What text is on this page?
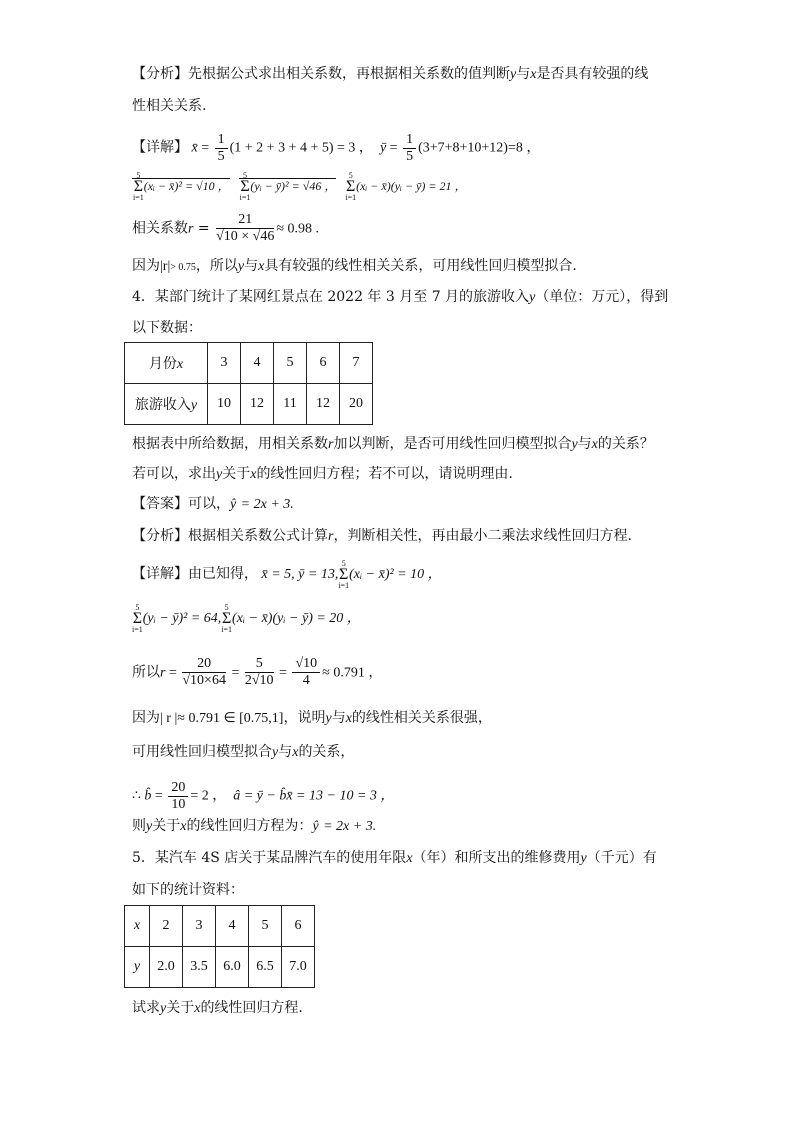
【分析】先根据公式求出相关系数，再根据相关系数的值判断y与x是否具有较强的线
性相关关系.
【详解】 x̄ = $\frac{1}{5} (1 + 2 + 3 + 4 + 5) = 3$ ， ȳ = $\frac{1}{5} (3+7+8+10+12)=8$ ，
5
Σ
i=1(xᵢ − x̄)² = √10 ，   5
Σ
i=1(yᵢ − ȳ)² = √46 ，   5
Σ
i=1(xᵢ − x̄)(yᵢ − ȳ) = 21 ，
相关系数$r = \frac{21}{√10 \times √46} \approx 0.98$ .
因为|r|> 0.75，所以y与x具有较强的线性相关关系，可用线性回归模型拟合.
4．某部门统计了某网红景点在 2022 年 3 月至 7 月的旅游收入y（单位：万元），得到
以下数据：
月份x	3	4	5	6	7
旅游收入y	10	12	11	12	20
根据表中所给数据，用相关系数r加以判断，是否可用线性回归模型拟合y与x的关系？
若可以，求出y关于x的线性回归方程；若不可以，请说明理由.
【答案】可以，ŷ = 2x + 3.
【分析】根据相关系数公式计算r，判断相关性，再由最小二乘法求线性回归方程.
【详解】由已知得， x̄ = 5, ȳ = 13,5
Σ
i=1(xᵢ − x̄)² = 10 ，
5
Σ
i=1(yᵢ − ȳ)² = 64,5
Σ
i=1(xᵢ − x̄)(yᵢ − ȳ) = 20 ，
所以$r = \frac{20}{√10\times 64} = \frac{5}{2√10} = \frac{√10}{4} \approx 0.791$ ，
因为| r |≈ 0.791 ∈ [0.75,1]，说明y与x的线性相关关系很强，
可用线性回归模型拟合y与x的关系，
∴ b̂ = $\frac{20}{10} = 2$ ， â = ȳ − b̂x̄ = 13 − 10 = 3 ，
则y关于x的线性回归方程为：ŷ = 2x + 3.
5．某汽车 4S 店关于某品牌汽车的使用年限x（年）和所支出的维修费用y（千元）有
如下的统计资料：
x	2	3	4	5	6
y	2.0	3.5	6.0	6.5	7.0
试求y关于x的线性回归方程.
